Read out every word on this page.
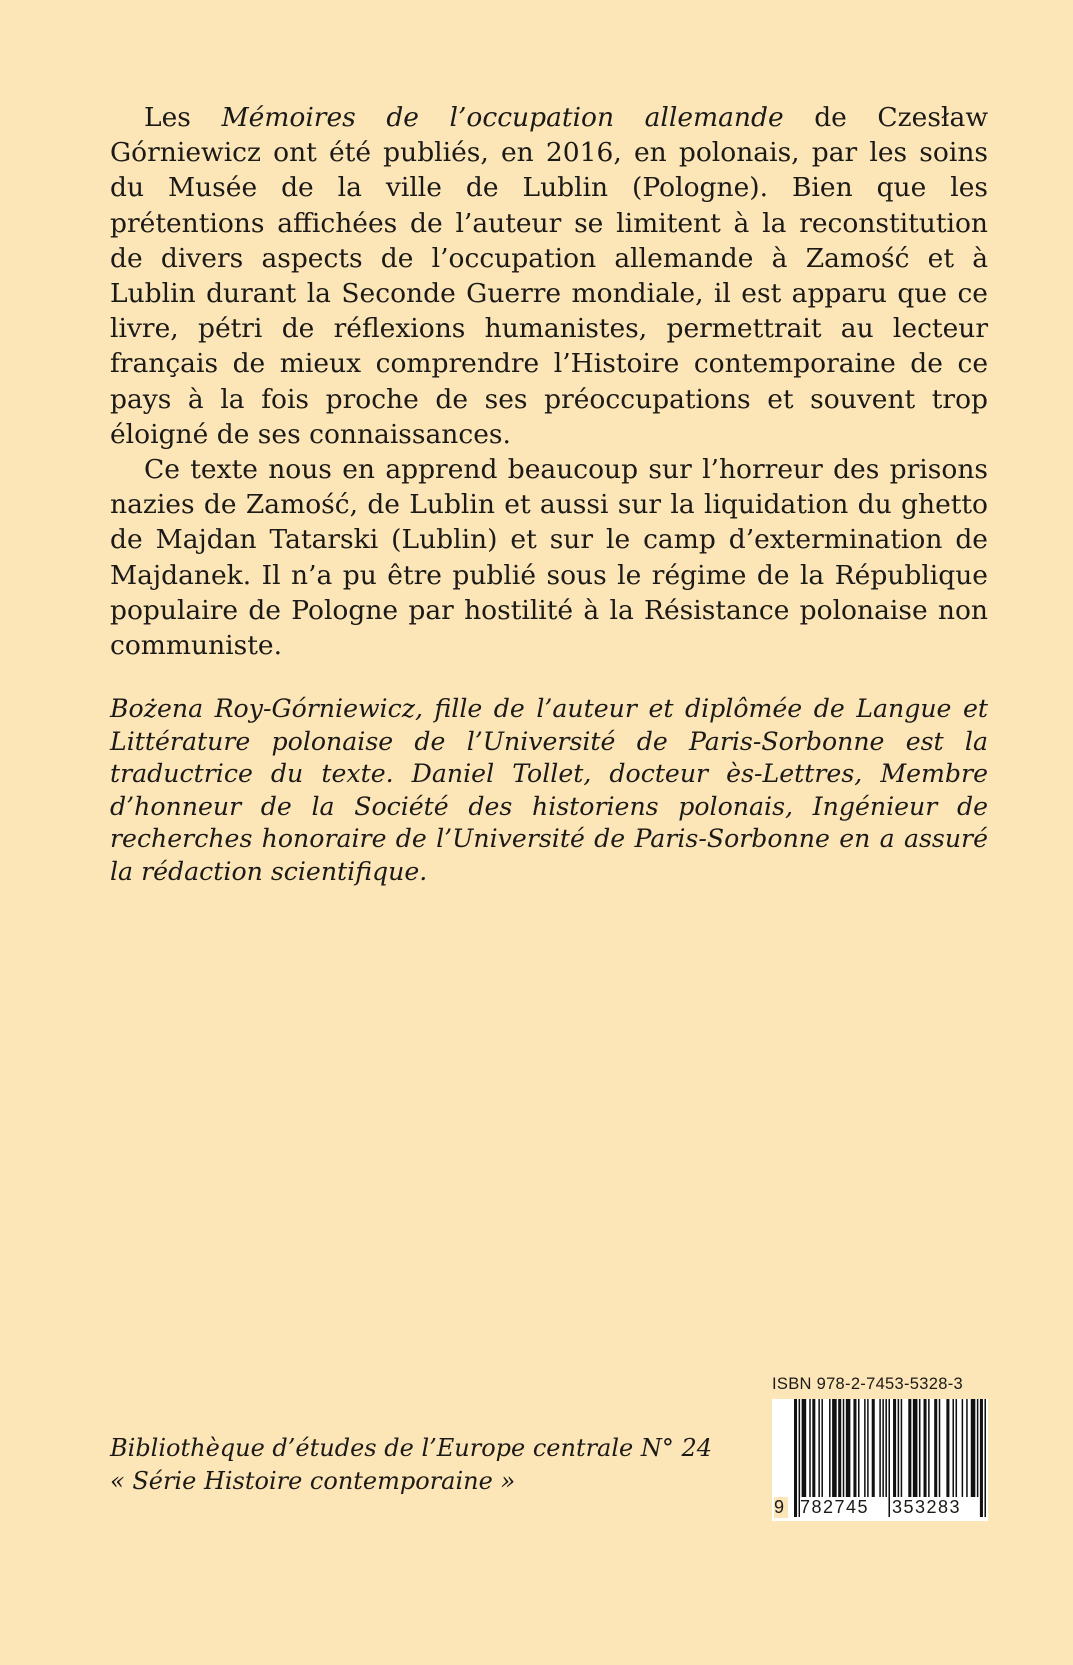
Les Mémoires de l’occupation allemande de Czesław Górniewicz ont été publiés, en 2016, en polonais, par les soins du Musée de la ville de Lublin (Pologne). Bien que les prétentions affichées de l’auteur se limitent à la reconstitution de divers aspects de l’occupation allemande à Zamość et à Lublin durant la Seconde Guerre mondiale, il est apparu que ce livre, pétri de réflexions humanistes, permettrait au lecteur français de mieux comprendre l’Histoire contemporaine de ce pays à la fois proche de ses préoccupations et souvent trop éloigné de ses connaissances.

Ce texte nous en apprend beaucoup sur l’horreur des prisons nazies de Zamość, de Lublin et aussi sur la liquidation du ghetto de Majdan Tatarski (Lublin) et sur le camp d’extermination de Majdanek. Il n’a pu être publié sous le régime de la République populaire de Pologne par hostilité à la Résistance polonaise non communiste.

Bożena Roy-Górniewicz, fille de l’auteur et diplômée de Langue et Littérature polonaise de l’Université de Paris-Sorbonne est la traductrice du texte. Daniel Tollet, docteur ès-Lettres, Membre d’honneur de la Société des historiens polonais, Ingénieur de recherches honoraire de l’Université de Paris-Sorbonne en a assuré la rédaction scientifique.

Bibliothèque d’études de l’Europe centrale N° 24
« Série Histoire contemporaine »
ISBN 978-2-7453-5328-3
9 782745 353283
